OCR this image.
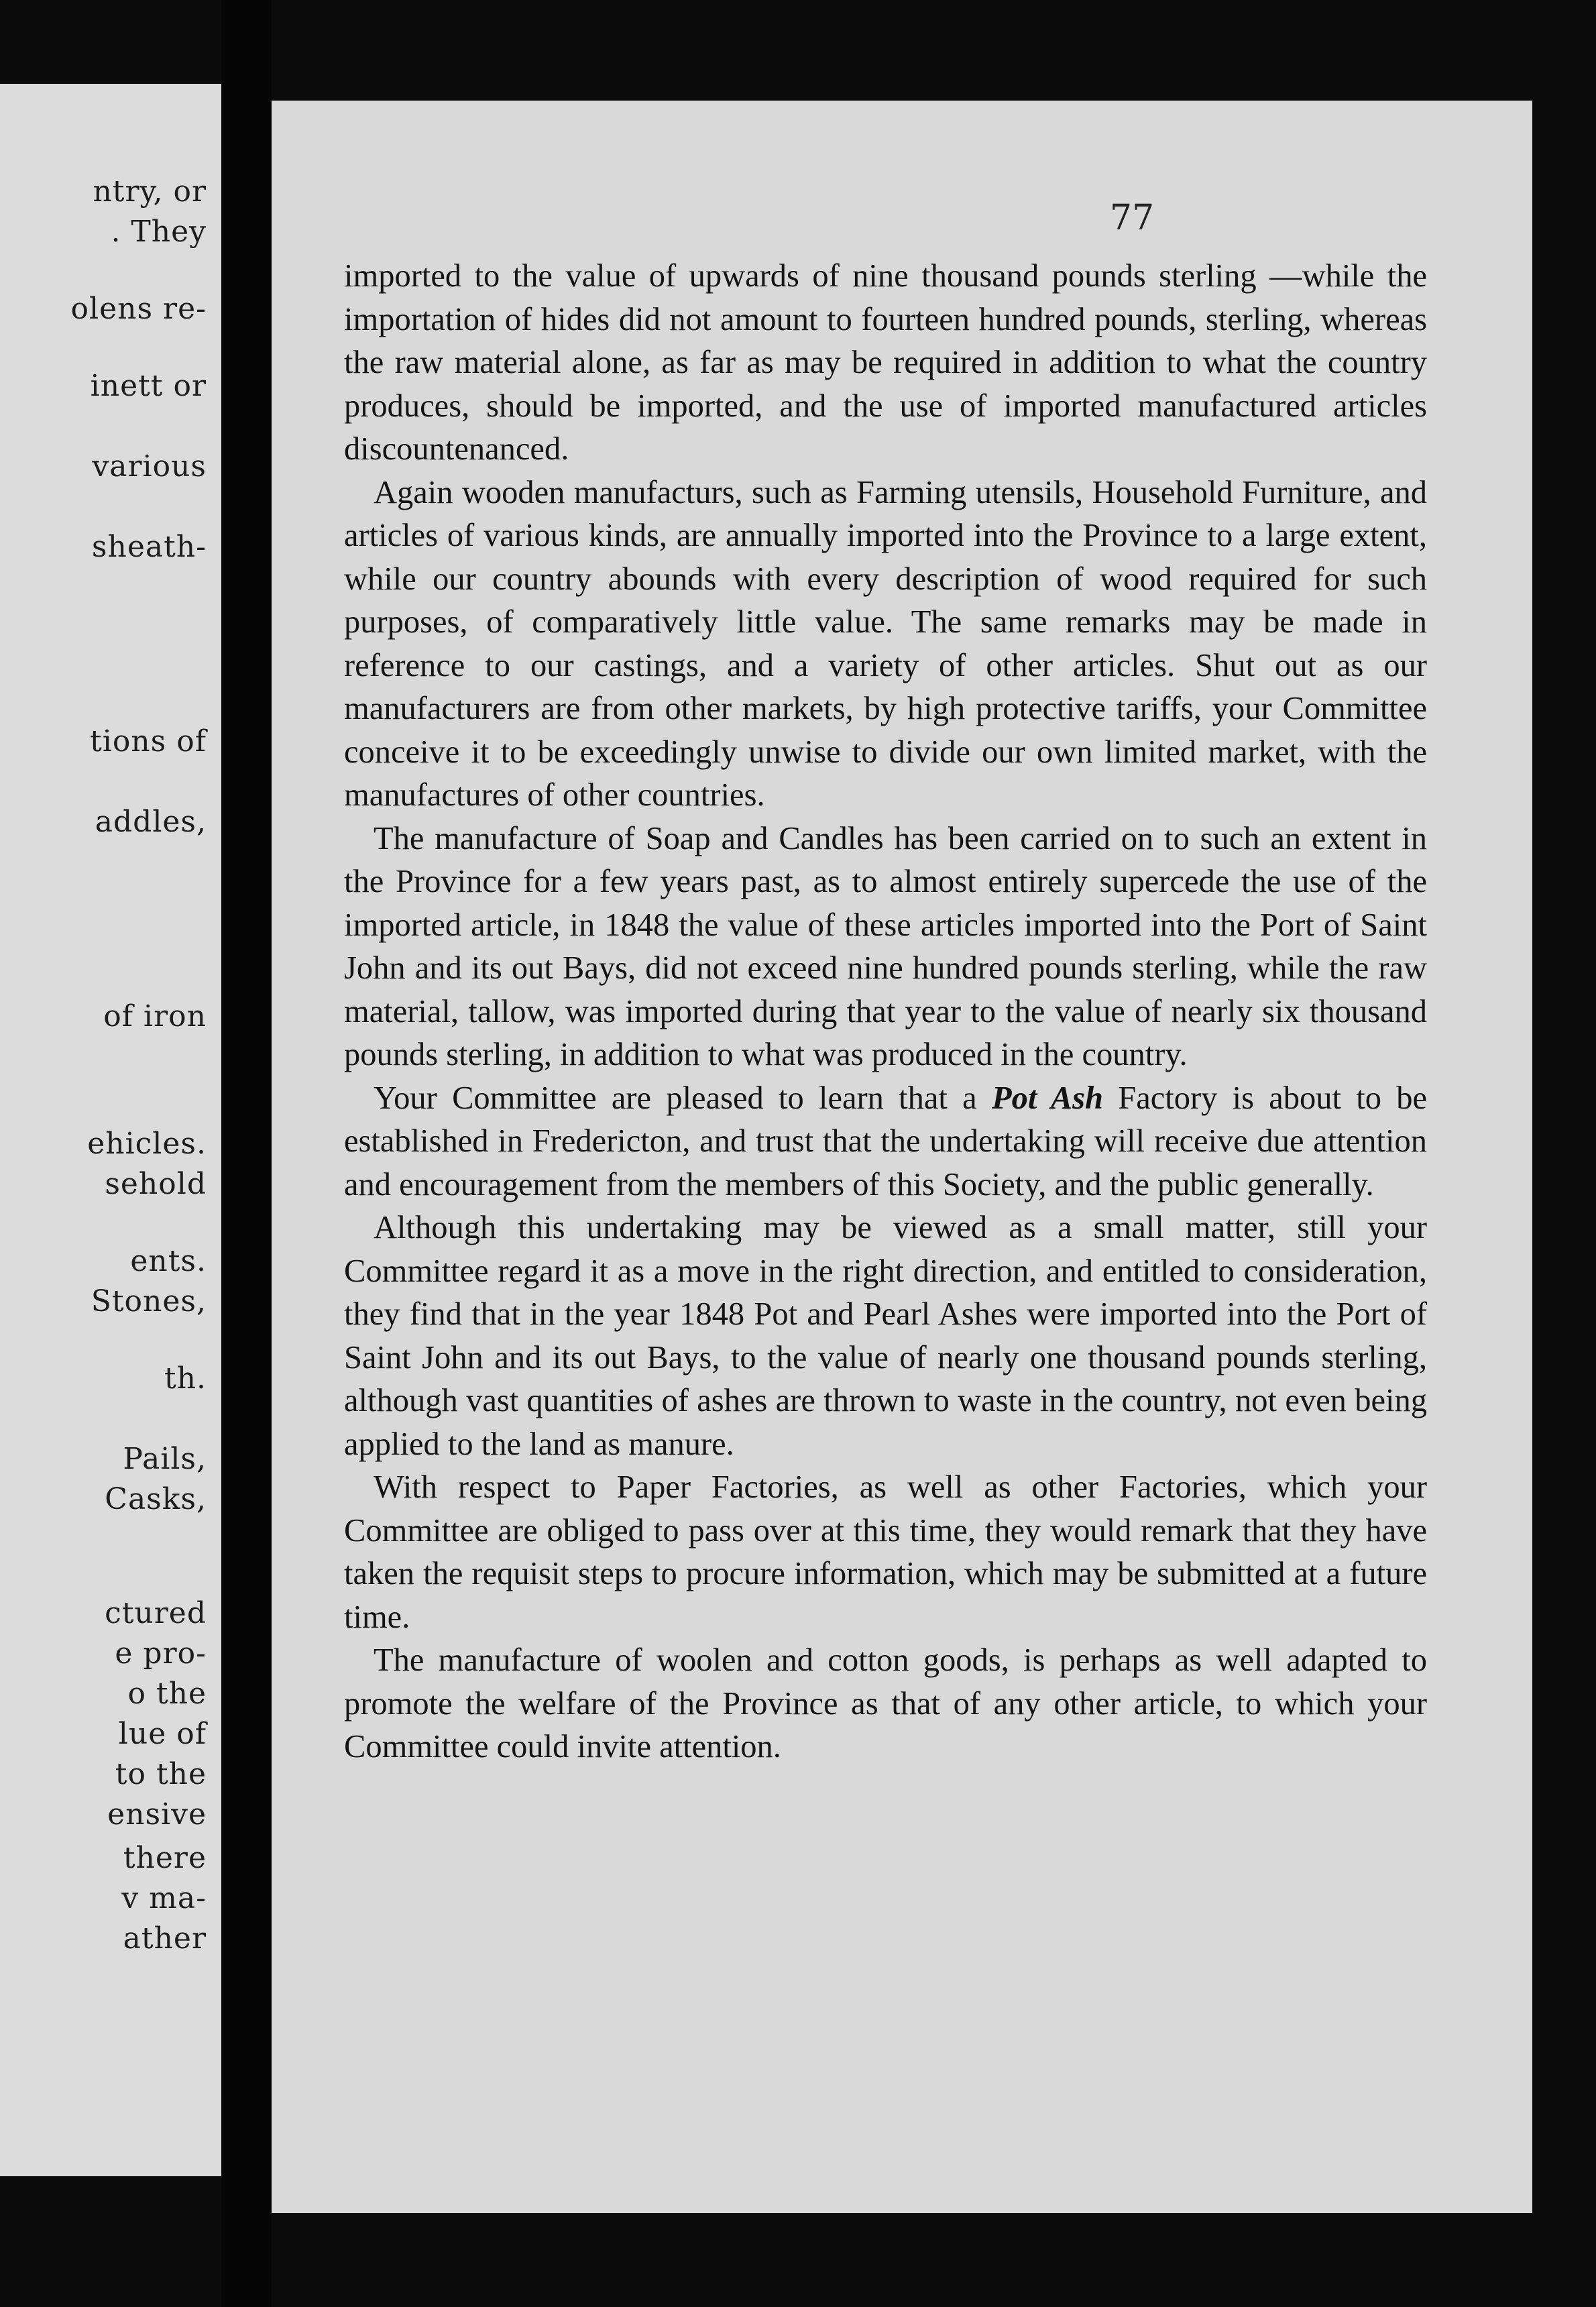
ntry, or
. They
olens re-
inett or
various
sheath-
tions of
addles,
of iron
ehicles.
sehold
ents.
Stones,
th.
Pails,
Casks,
ctured
e pro-
o the
lue of
to the
ensive
there
v ma-
ather
77

imported to the value of upwards of nine thousand pounds sterling —while the importation of hides did not amount to fourteen hundred pounds, sterling, whereas the raw material alone, as far as may be required in addition to what the country produces, should be imported, and the use of imported manufactured articles discountenanced.

Again wooden manufacturs, such as Farming utensils, Household Furniture, and articles of various kinds, are annually imported into the Province to a large extent, while our country abounds with every description of wood required for such purposes, of comparatively little value. The same remarks may be made in reference to our castings, and a variety of other articles. Shut out as our manufacturers are from other markets, by high protective tariffs, your Committee conceive it to be exceedingly unwise to divide our own limited market, with the manufactures of other countries.

The manufacture of Soap and Candles has been carried on to such an extent in the Province for a few years past, as to almost entirely supercede the use of the imported article, in 1848 the value of these articles imported into the Port of Saint John and its out Bays, did not exceed nine hundred pounds sterling, while the raw material, tallow, was imported during that year to the value of nearly six thousand pounds sterling, in addition to what was produced in the country.

Your Committee are pleased to learn that a Pot Ash Factory is about to be established in Fredericton, and trust that the undertaking will receive due attention and encouragement from the members of this Society, and the public generally.

Although this undertaking may be viewed as a small matter, still your Committee regard it as a move in the right direction, and entitled to consideration, they find that in the year 1848 Pot and Pearl Ashes were imported into the Port of Saint John and its out Bays, to the value of nearly one thousand pounds sterling, although vast quantities of ashes are thrown to waste in the country, not even being applied to the land as manure.

With respect to Paper Factories, as well as other Factories, which your Committee are obliged to pass over at this time, they would remark that they have taken the requisit steps to procure information, which may be submitted at a future time.

The manufacture of woolen and cotton goods, is perhaps as well adapted to promote the welfare of the Province as that of any other article, to which your Committee could invite attention.
